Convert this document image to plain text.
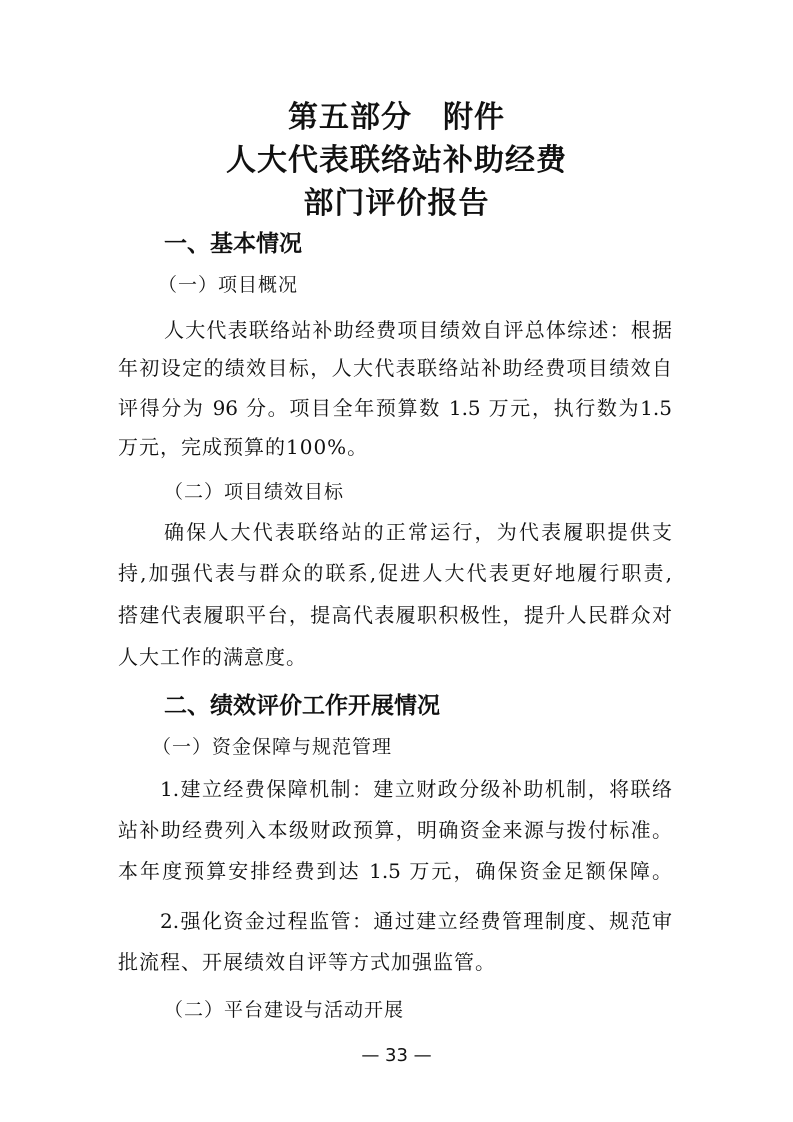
第五部分　附件
人大代表联络站补助经费
部门评价报告
一、基本情况
（一）项目概况
人大代表联络站补助经费项目绩效自评总体综述：根据
年初设定的绩效目标，人大代表联络站补助经费项目绩效自
评得分为 96 分。项目全年预算数 1.5 万元，执行数为1.5
万元，完成预算的100%。
（二）项目绩效目标
确保人大代表联络站的正常运行，为代表履职提供支
持,加强代表与群众的联系,促进人大代表更好地履行职责,
搭建代表履职平台，提高代表履职积极性，提升人民群众对
人大工作的满意度。
二、绩效评价工作开展情况
（一）资金保障与规范管理
1.建立经费保障机制：建立财政分级补助机制，将联络
站补助经费列入本级财政预算，明确资金来源与拨付标准。
本年度预算安排经费到达 1.5 万元，确保资金足额保障。
2.强化资金过程监管：通过建立经费管理制度、规范审
批流程、开展绩效自评等方式加强监管。
（二）平台建设与活动开展
— 33 —
